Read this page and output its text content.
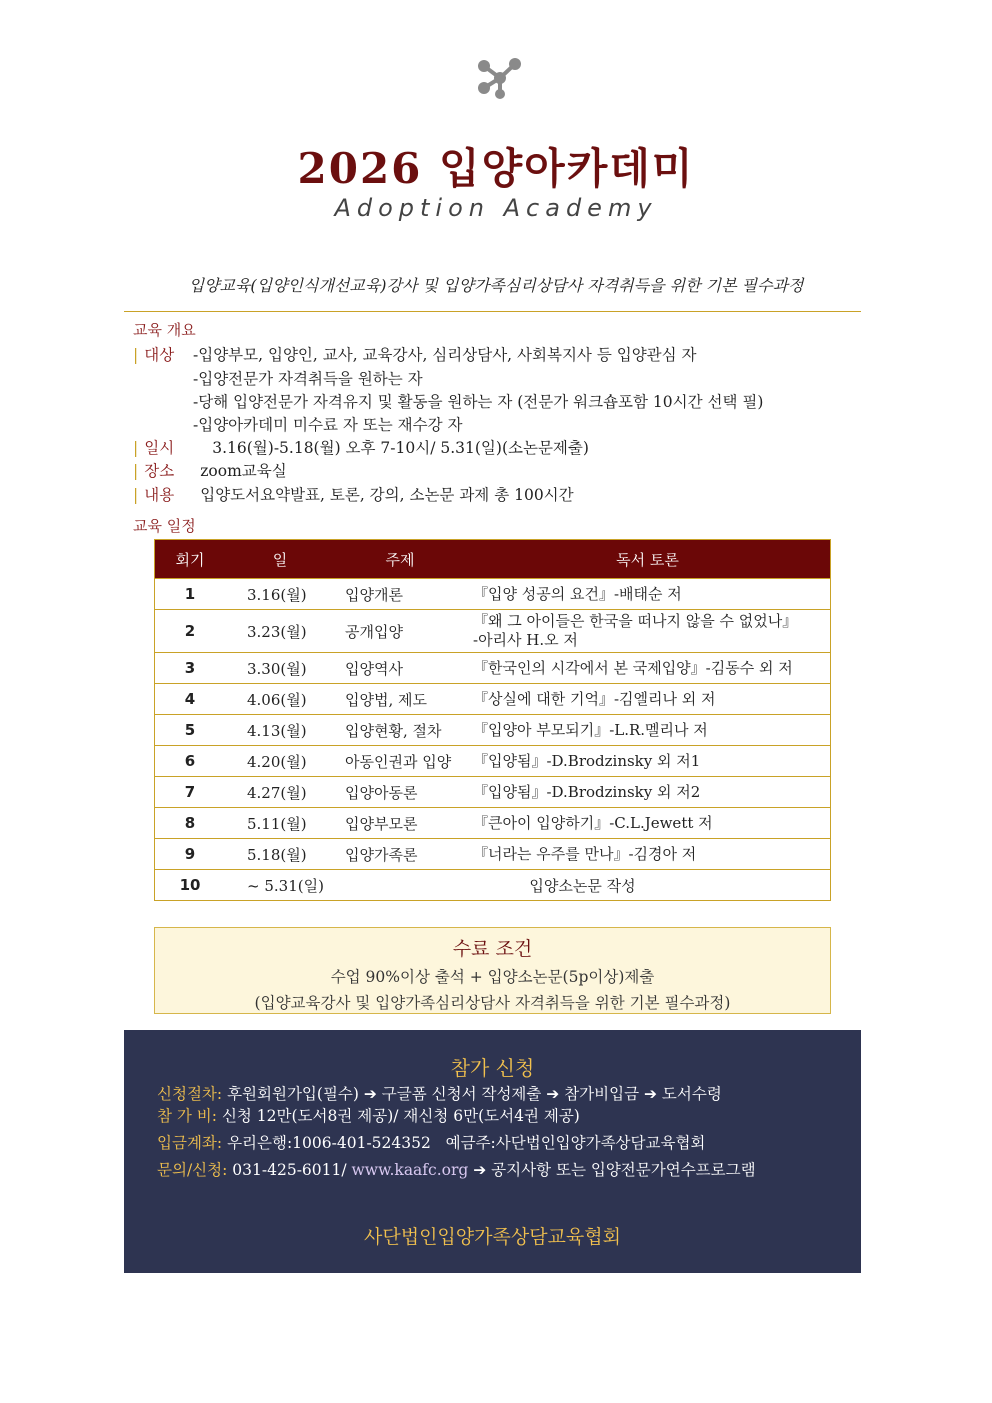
2026 입양아카데미
Adoption Academy
입양교육(입양인식개선교육)강사 및 입양가족심리상담사 자격취득을 위한 기본 필수과정
교육 개요
| 대상	-입양부모, 입양인, 교사, 교육강사, 심리상담사, 사회복지사 등 입양관심 자
-입양전문가 자격취득을 원하는 자
-당해 입양전문가 자격유지 및 활동을 원하는 자 (전문가 워크숍포함 10시간 선택 필)
-입양아카데미 미수료 자 또는 재수강 자
| 일시 3.16(월)-5.18(월) 오후 7-10시/ 5.31(일)(소논문제출)
| 장소 zoom교육실
| 내용 입양도서요약발표, 토론, 강의, 소논문 과제 총 100시간
교육 일정
회기	일	주제	독서 토론
1	3.16(월)	입양개론	『입양 성공의 요건』-배태순 저
2	3.23(월)	공개입양	『왜 그 아이들은 한국을 떠나지 않을 수 없었나』
-아리사 H.오 저

3	3.30(월)	입양역사	『한국인의 시각에서 본 국제입양』-김동수 외 저
4	4.06(월)	입양법, 제도	『상실에 대한 기억』-김엘리나 외 저
5	4.13(월)	입양현황, 절차	『입양아 부모되기』-L.R.멜리나 저
6	4.20(월)	아동인권과 입양	『입양됨』-D.Brodzinsky 외 저1
7	4.27(월)	입양아동론	『입양됨』-D.Brodzinsky 외 저2
8	5.11(월)	입양부모론	『큰아이 입양하기』-C.L.Jewett 저
9	5.18(월)	입양가족론	『너라는 우주를 만나』-김경아 저
10	~ 5.31(일)	입양소논문 작성	
수료 조건
수업 90%이상 출석 + 입양소논문(5p이상)제출
(입양교육강사 및 입양가족심리상담사 자격취득을 위한 기본 필수과정)
참가 신청
신청절차: 후원회원가입(필수) ➔ 구글폼 신청서 작성제출 ➔ 참가비입금 ➔ 도서수령
참 가 비: 신청 12만(도서8권 제공)/ 재신청 6만(도서4권 제공)
입금계좌: 우리은행:1006-401-524352   예금주:사단법인입양가족상담교육협회
문의/신청: 031-425-6011/ www.kaafc.org ➔ 공지사항 또는 입양전문가연수프로그램
사단법인입양가족상담교육협회
